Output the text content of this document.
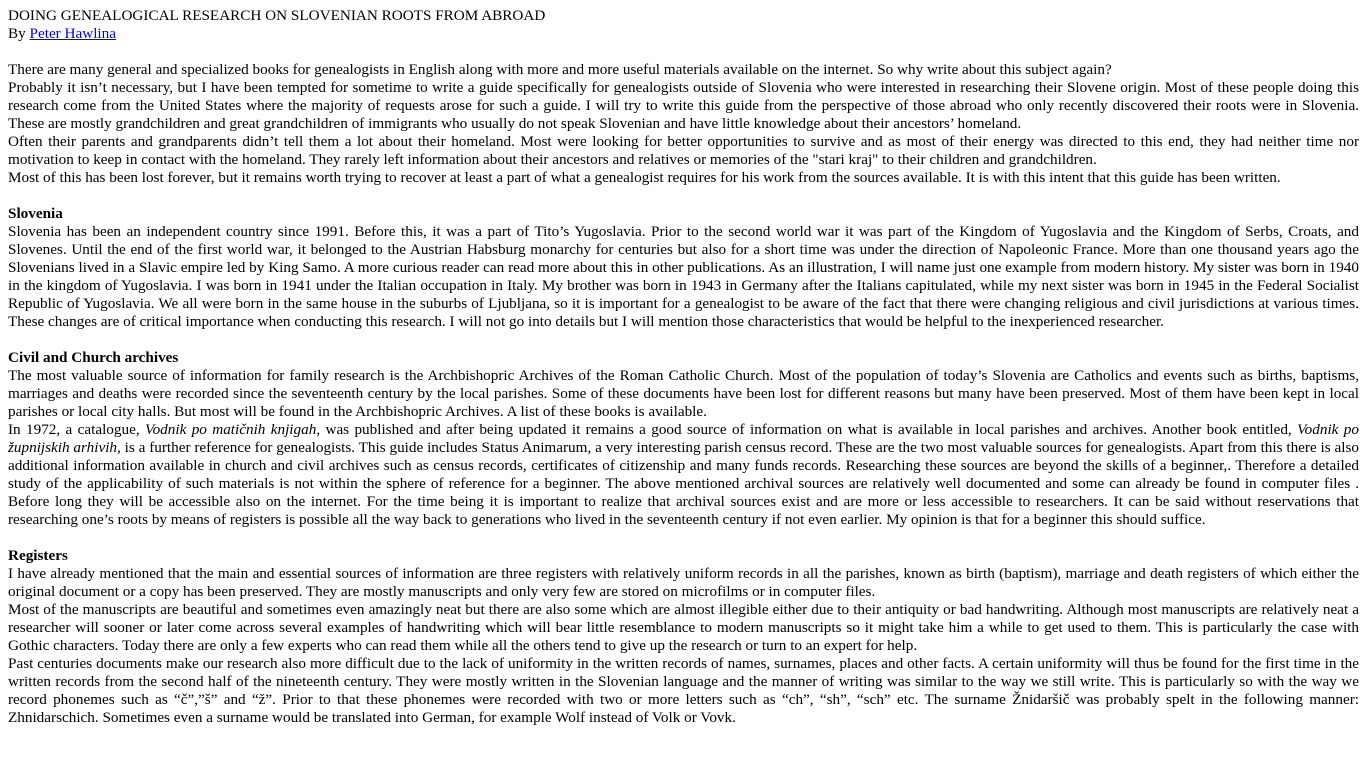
DOING GENEALOGICAL RESEARCH ON SLOVENIAN ROOTS FROM ABROAD
By Peter Hawlina

There are many general and specialized books for genealogists in English along with more and more useful materials available on the internet. So why write about this subject again?

Probably it isn’t necessary, but I have been tempted for sometime to write a guide specifically for genealogists outside of Slovenia who were interested in researching their Slovene origin. Most of these people doing this research come from the United States where the majority of requests arose for such a guide. I will try to write this guide from the perspective of those abroad who only recently discovered their roots were in Slovenia. These are mostly grandchildren and great grandchildren of immigrants who usually do not speak Slovenian and have little knowledge about their ancestors’ homeland.

Often their parents and grandparents didn’t tell them a lot about their homeland. Most were looking for better opportunities to survive and as most of their energy was directed to this end, they had neither time nor motivation to keep in contact with the homeland. They rarely left information about their ancestors and relatives or memories of the "stari kraj" to their children and grandchildren.

Most of this has been lost forever, but it remains worth trying to recover at least a part of what a genealogist requires for his work from the sources available. It is with this intent that this guide has been written.

Slovenia

Slovenia has been an independent country since 1991. Before this, it was a part of Tito’s Yugoslavia. Prior to the second world war it was part of the Kingdom of Yugoslavia and the Kingdom of Serbs, Croats, and Slovenes. Until the end of the first world war, it belonged to the Austrian Habsburg monarchy for centuries but also for a short time was under the direction of Napoleonic France. More than one thousand years ago the Slovenians lived in a Slavic empire led by King Samo. A more curious reader can read more about this in other publications. As an illustration, I will name just one example from modern history. My sister was born in 1940 in the kingdom of Yugoslavia. I was born in 1941 under the Italian occupation in Italy. My brother was born in 1943 in Germany after the Italians capitulated, while my next sister was born in 1945 in the Federal Socialist Republic of Yugoslavia. We all were born in the same house in the suburbs of Ljubljana, so it is important for a genealogist to be aware of the fact that there were changing religious and civil jurisdictions at various times. These changes are of critical importance when conducting this research. I will not go into details but I will mention those characteristics that would be helpful to the inexperienced researcher.

Civil and Church archives

The most valuable source of information for family research is the Archbishopric Archives of the Roman Catholic Church. Most of the population of today’s Slovenia are Catholics and events such as births, baptisms, marriages and deaths were recorded since the seventeenth century by the local parishes. Some of these documents have been lost for different reasons but many have been preserved. Most of them have been kept in local parishes or local city halls. But most will be found in the Archbishopric Archives. A list of these books is available.

In 1972, a catalogue, Vodnik po matičnih knjigah, was published and after being updated it remains a good source of information on what is available in local parishes and archives. Another book entitled, Vodnik po župnijskih arhivih, is a further reference for genealogists. This guide includes Status Animarum, a very interesting parish census record. These are the two most valuable sources for genealogists. Apart from this there is also additional information available in church and civil archives such as census records, certificates of citizenship and many funds records. Researching these sources are beyond the skills of a beginner,. Therefore a detailed study of the applicability of such materials is not within the sphere of reference for a beginner. The above mentioned archival sources are relatively well documented and some can already be found in computer files . Before long they will be accessible also on the internet. For the time being it is important to realize that archival sources exist and are more or less accessible to researchers. It can be said without reservations that researching one’s roots by means of registers is possible all the way back to generations who lived in the seventeenth century if not even earlier. My opinion is that for a beginner this should suffice.

Registers

I have already mentioned that the main and essential sources of information are three registers with relatively uniform records in all the parishes, known as birth (baptism), marriage and death registers of which either the original document or a copy has been preserved. They are mostly manuscripts and only very few are stored on microfilms or in computer files.

Most of the manuscripts are beautiful and sometimes even amazingly neat but there are also some which are almost illegible either due to their antiquity or bad handwriting. Although most manuscripts are relatively neat a researcher will sooner or later come across several examples of handwriting which will bear little resemblance to modern manuscripts so it might take him a while to get used to them. This is particularly the case with Gothic characters. Today there are only a few experts who can read them while all the others tend to give up the research or turn to an expert for help.

Past centuries documents make our research also more difficult due to the lack of uniformity in the written records of names, surnames, places and other facts. A certain uniformity will thus be found for the first time in the written records from the second half of the nineteenth century. They were mostly written in the Slovenian language and the manner of writing was similar to the way we still write. This is particularly so with the way we record phonemes such as “č”,”š” and “ž”. Prior to that these phonemes were recorded with two or more letters such as “ch”, “sh”, “sch” etc. The surname Žnidaršič was probably spelt in the following manner: Zhnidarschich. Sometimes even a surname would be translated into German, for example Wolf instead of Volk or Vovk.
